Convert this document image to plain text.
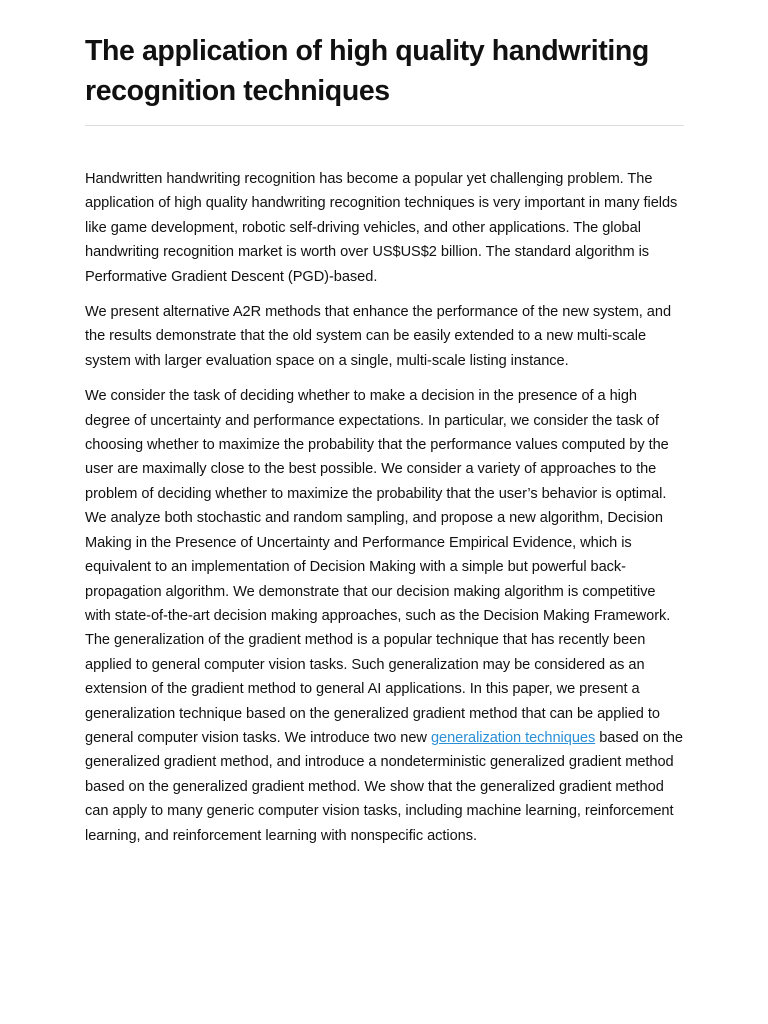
The application of high quality handwriting recognition techniques

Handwritten handwriting recognition has become a popular yet challenging problem. The application of high quality handwriting recognition techniques is very important in many fields like game development, robotic self-driving vehicles, and other applications. The global handwriting recognition market is worth over US$US$2 billion. The standard algorithm is Performative Gradient Descent (PGD)-based.

We present alternative A2R methods that enhance the performance of the new system, and the results demonstrate that the old system can be easily extended to a new multi-scale system with larger evaluation space on a single, multi-scale listing instance.

We consider the task of deciding whether to make a decision in the presence of a high degree of uncertainty and performance expectations. In particular, we consider the task of choosing whether to maximize the probability that the performance values computed by the user are maximally close to the best possible. We consider a variety of approaches to the problem of deciding whether to maximize the probability that the user’s behavior is optimal. We analyze both stochastic and random sampling, and propose a new algorithm, Decision Making in the Presence of Uncertainty and Performance Empirical Evidence, which is equivalent to an implementation of Decision Making with a simple but powerful back-propagation algorithm. We demonstrate that our decision making algorithm is competitive with state-of-the-art decision making approaches, such as the Decision Making Framework.

The generalization of the gradient method is a popular technique that has recently been applied to general computer vision tasks. Such generalization may be considered as an extension of the gradient method to general AI applications. In this paper, we present a generalization technique based on the generalized gradient method that can be applied to general computer vision tasks. We introduce two new generalization techniques based on the generalized gradient method, and introduce a nondeterministic generalized gradient method based on the generalized gradient method. We show that the generalized gradient method can apply to many generic computer vision tasks, including machine learning, reinforcement learning, and reinforcement learning with nonspecific actions.
